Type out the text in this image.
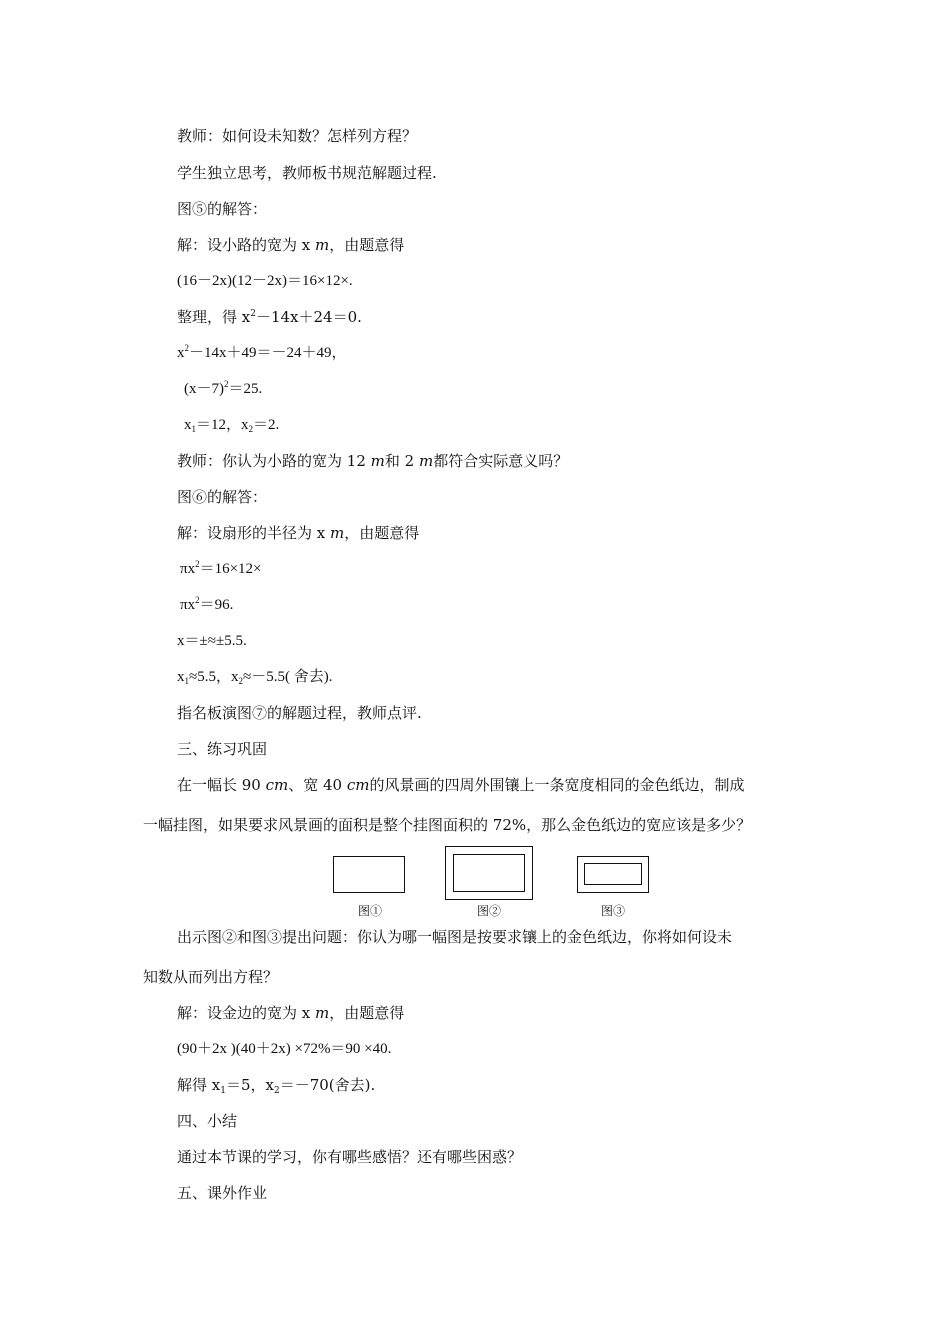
教师：如何设未知数？怎样列方程？
学生独立思考，教师板书规范解题过程.
图⑤的解答：
解：设小路的宽为 x m，由题意得
(16－2x)(12－2x)＝16×12×.
整理，得 $x^2-14x+24=0$.
$x^2-14x+49=-24+49$，
$(x-7)^2=25$.
$x_1=12$，$x_2=2$.
教师：你认为小路的宽为 12 m和 2 m都符合实际意义吗？
图⑥的解答：
解：设扇形的半径为 x m，由题意得
$\pi x^2=16\times 12\times$
$\pi x^2=96$.
x＝±≈±5.5.
$x_1\approx 5.5$，$x_2\approx-5.5$( 舍去).
指名板演图⑦的解题过程，教师点评.
三、练习巩固
在一幅长 90 cm、宽 40 cm的风景画的四周外围镶上一条宽度相同的金色纸边，制成
一幅挂图，如果要求风景画的面积是整个挂图面积的 72%，那么金色纸边的宽应该是多少？
图①	图②	图③
出示图②和图③提出问题：你认为哪一幅图是按要求镶上的金色纸边，你将如何设未
知数从而列出方程？
解：设金边的宽为 x m，由题意得
(90＋2x )(40＋2x) ×72%＝90 ×40.
解得 $x_1=5$，$x_2=-70$(舍去).
四、小结
通过本节课的学习，你有哪些感悟？还有哪些困惑？
五、课外作业
